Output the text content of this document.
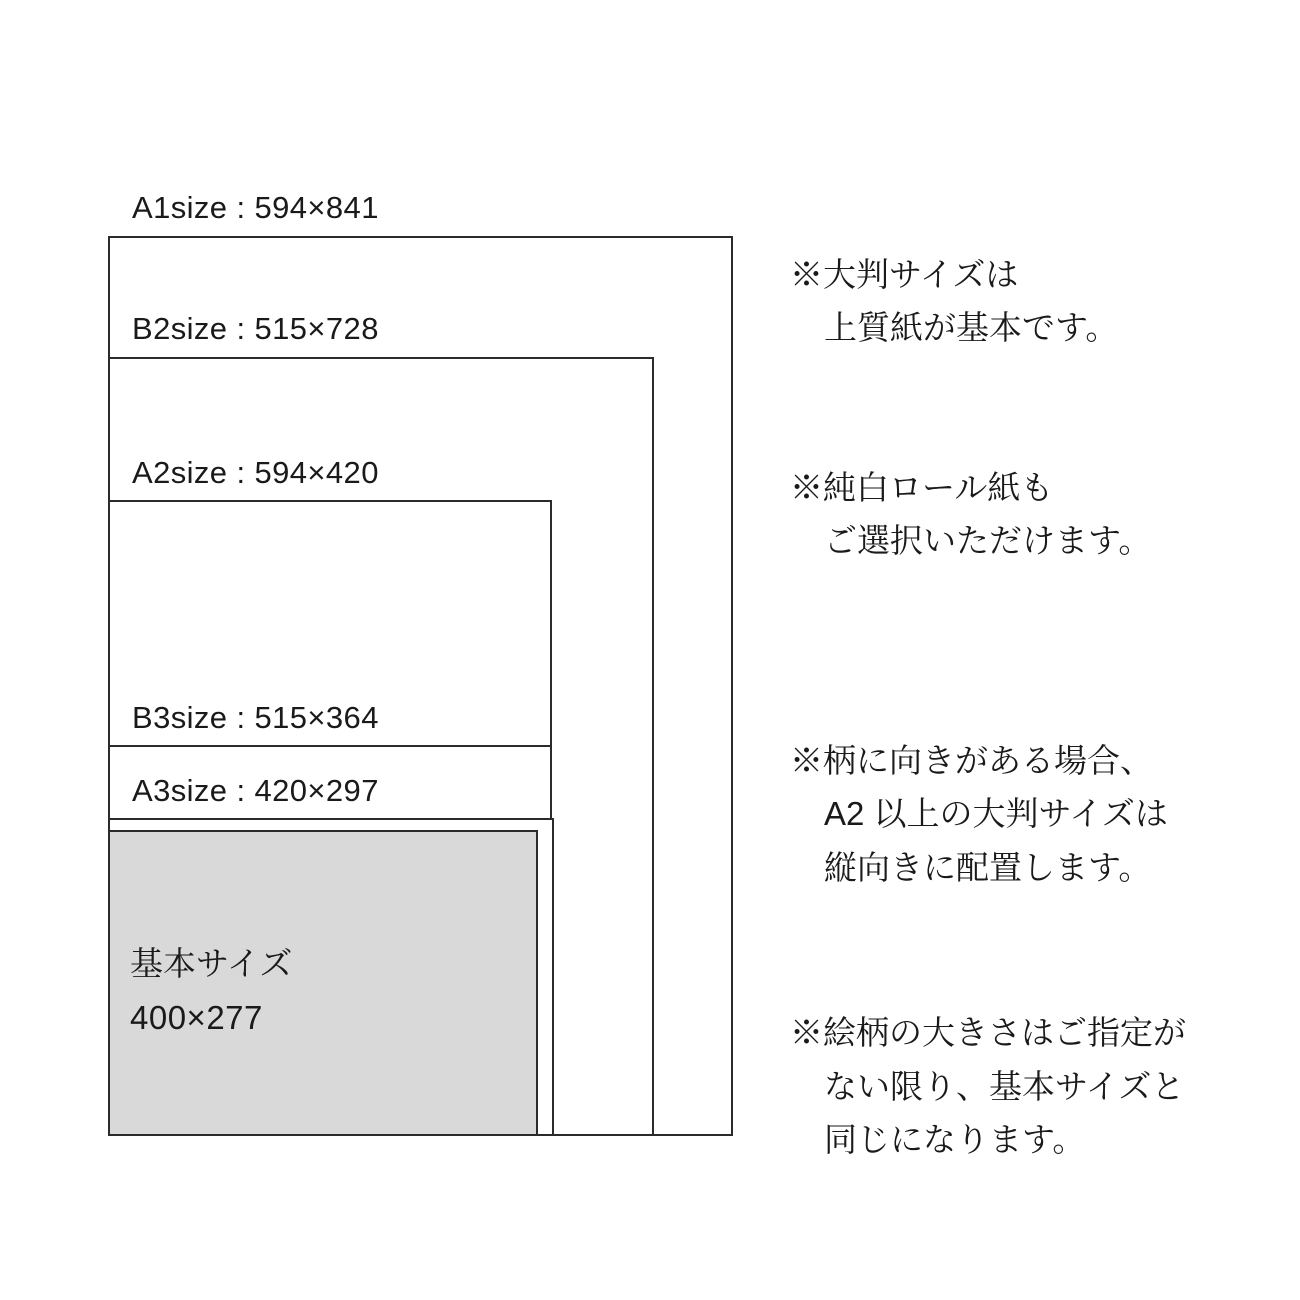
A1size : 594×841
B2size : 515×728
A2size : 594×420
B3size : 515×364
A3size : 420×297
基本サイズ
400×277
※大判サイズは
上質紙が基本です。
※純白ロール紙も
ご選択いただけます。
※柄に向きがある場合、
A2 以上の大判サイズは
縦向きに配置します。
※絵柄の大きさはご指定が
ない限り、基本サイズと
同じになります。
